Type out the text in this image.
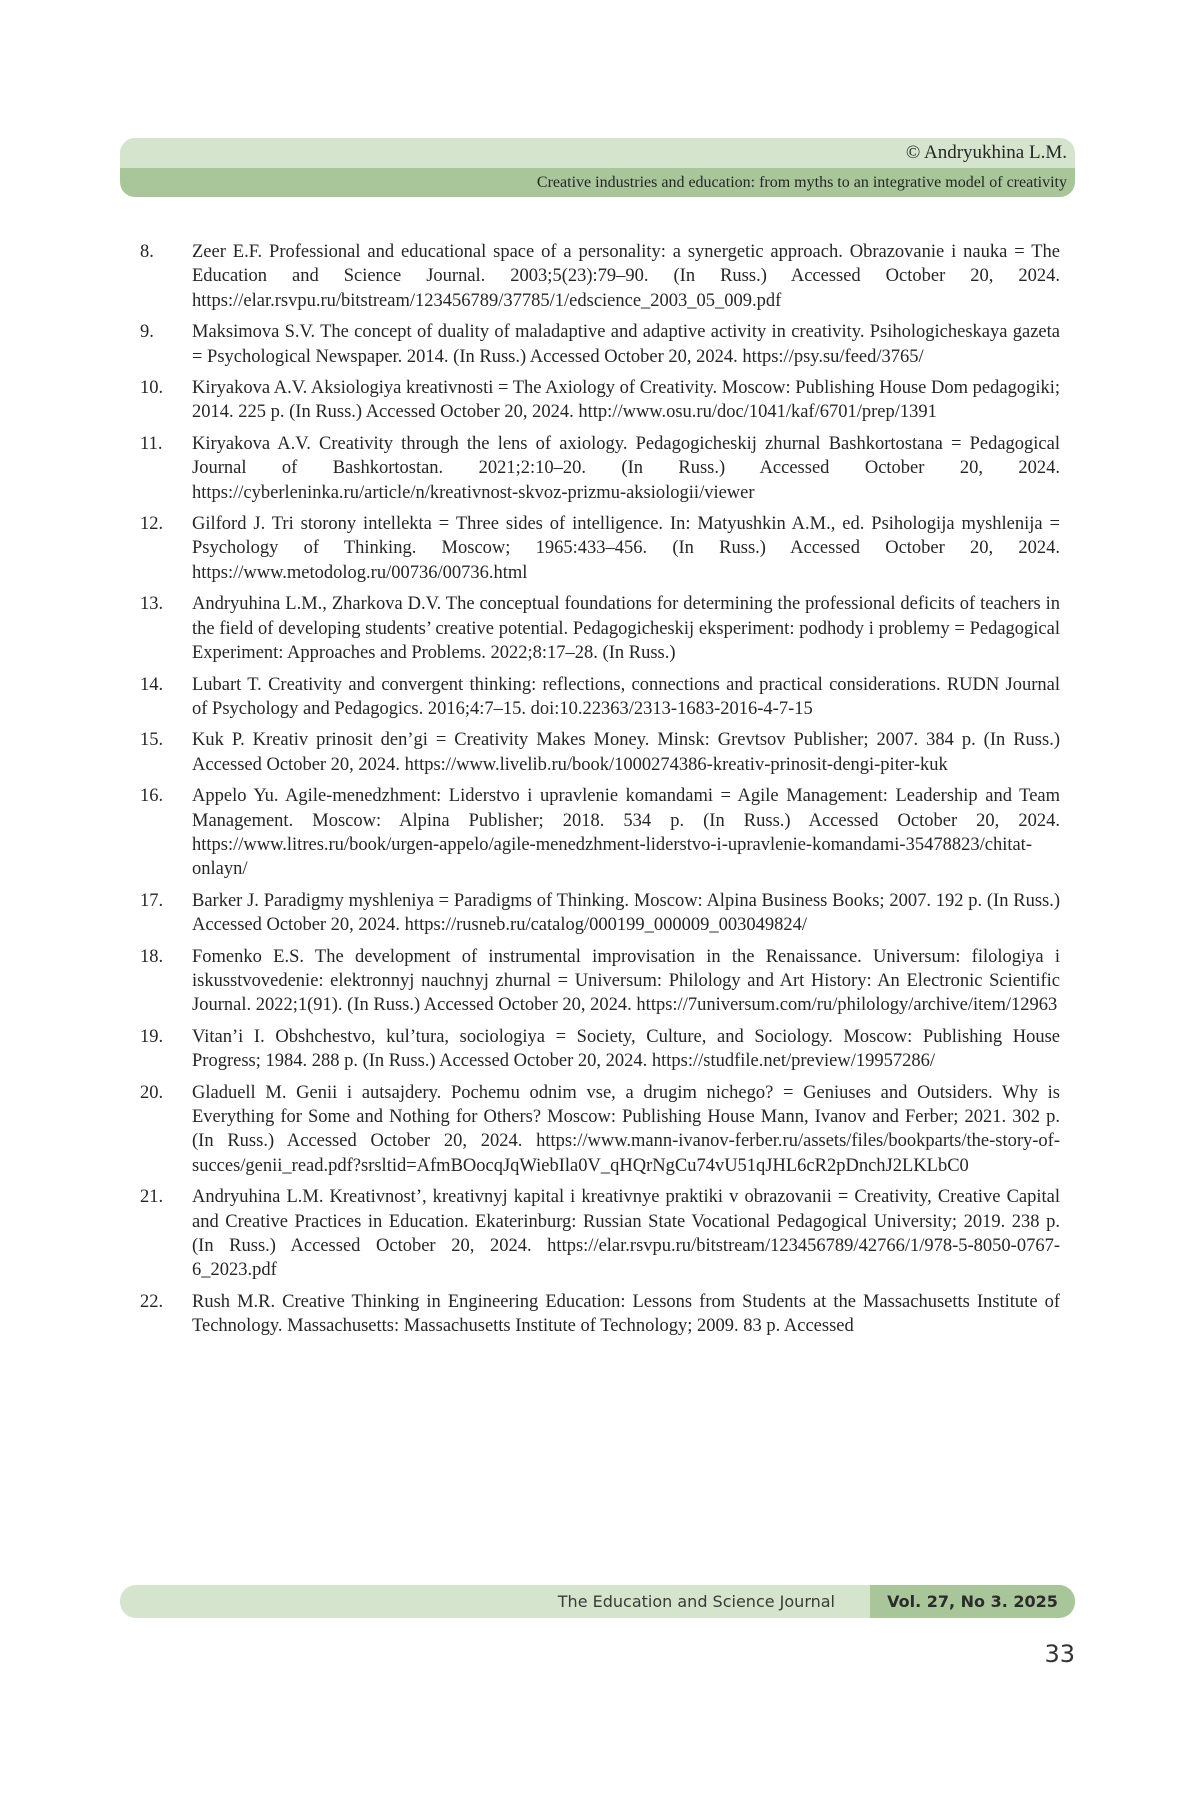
© Andryukhina L.M.
Creative industries and education: from myths to an integrative model of creativity
8.	Zeer E.F. Professional and educational space of a personality: a synergetic approach. Obrazovanie i nauka = The Education and Science Journal. 2003;5(23):79–90. (In Russ.) Accessed October 20, 2024. https://elar.rsvpu.ru/bitstream/123456789/37785/1/edscience_2003_05_009.pdf
9.	Maksimova S.V. The concept of duality of maladaptive and adaptive activity in creativity. Psihologicheskaya gazeta = Psychological Newspaper. 2014. (In Russ.) Accessed October 20, 2024. https://psy.su/feed/3765/
10.	Kiryakova A.V. Aksiologiya kreativnosti = The Axiology of Creativity. Moscow: Publishing House Dom pedagogiki; 2014. 225 p. (In Russ.) Accessed October 20, 2024. http://www.osu.ru/doc/1041/kaf/6701/prep/1391
11.	Kiryakova A.V. Creativity through the lens of axiology. Pedagogicheskij zhurnal Bashkortostana = Pedagogical Journal of Bashkortostan. 2021;2:10–20. (In Russ.) Accessed October 20, 2024. https://cyberleninka.ru/article/n/kreativnost-skvoz-prizmu-aksiologii/viewer
12.	Gilford J. Tri storony intellekta = Three sides of intelligence. In: Matyushkin A.M., ed. Psihologija myshlenija = Psychology of Thinking. Moscow; 1965:433–456. (In Russ.) Accessed October 20, 2024. https://www.metodolog.ru/00736/00736.html
13.	Andryuhina L.M., Zharkova D.V. The conceptual foundations for determining the professional deficits of teachers in the field of developing students’ creative potential. Pedagogicheskij eksperiment: podhody i problemy = Pedagogical Experiment: Approaches and Problems. 2022;8:17–28. (In Russ.)
14.	Lubart T. Creativity and convergent thinking: reflections, connections and practical considerations. RUDN Journal of Psychology and Pedagogics. 2016;4:7–15. doi:10.22363/2313-1683-2016-4-7-15
15.	Kuk P. Kreativ prinosit den’gi = Creativity Makes Money. Minsk: Grevtsov Publisher; 2007. 384 p. (In Russ.) Accessed October 20, 2024. https://www.livelib.ru/book/1000274386-kreativ-prinosit-dengi-piter-kuk
16.	Appelo Yu. Agile-menedzhment: Liderstvo i upravlenie komandami = Agile Management: Leadership and Team Management. Moscow: Alpina Publisher; 2018. 534 p. (In Russ.) Accessed October 20, 2024. https://www.litres.ru/book/urgen-appelo/agile-menedzhment-liderstvo-i-upravlenie-komandami-35478823/chitat-onlayn/
17.	Barker J. Paradigmy myshleniya = Paradigms of Thinking. Moscow: Alpina Business Books; 2007. 192 p. (In Russ.) Accessed October 20, 2024. https://rusneb.ru/catalog/000199_000009_003049824/
18.	Fomenko E.S. The development of instrumental improvisation in the Renaissance. Universum: filologiya i iskusstvovedenie: elektronnyj nauchnyj zhurnal = Universum: Philology and Art History: An Electronic Scientific Journal. 2022;1(91). (In Russ.) Accessed October 20, 2024. https://7universum.com/ru/philology/archive/item/12963
19.	Vitan’i I. Obshchestvo, kul’tura, sociologiya = Society, Culture, and Sociology. Moscow: Publishing House Progress; 1984. 288 p. (In Russ.) Accessed October 20, 2024. https://studfile.net/preview/19957286/
20.	Gladuell M. Genii i autsajdery. Pochemu odnim vse, a drugim nichego? = Geniuses and Outsiders. Why is Everything for Some and Nothing for Others? Moscow: Publishing House Mann, Ivanov and Ferber; 2021. 302 p. (In Russ.) Accessed October 20, 2024. https://www.mann-ivanov-ferber.ru/assets/files/bookparts/the-story-of-succes/genii_read.pdf?srsltid=AfmBOocqJqWiebIla0V_qHQrNgCu74vU51qJHL6cR2pDnchJ2LKLbC0
21.	Andryuhina L.M. Kreativnost’, kreativnyj kapital i kreativnye praktiki v obrazovanii = Creativity, Creative Capital and Creative Practices in Education. Ekaterinburg: Russian State Vocational Pedagogical University; 2019. 238 p. (In Russ.) Accessed October 20, 2024. https://elar.rsvpu.ru/bitstream/123456789/42766/1/978-5-8050-0767-6_2023.pdf
22.	Rush M.R. Creative Thinking in Engineering Education: Lessons from Students at the Massachusetts Institute of Technology. Massachusetts: Massachusetts Institute of Technology; 2009. 83 p. Accessed
The Education and Science Journal	Vol. 27, No 3. 2025
33
